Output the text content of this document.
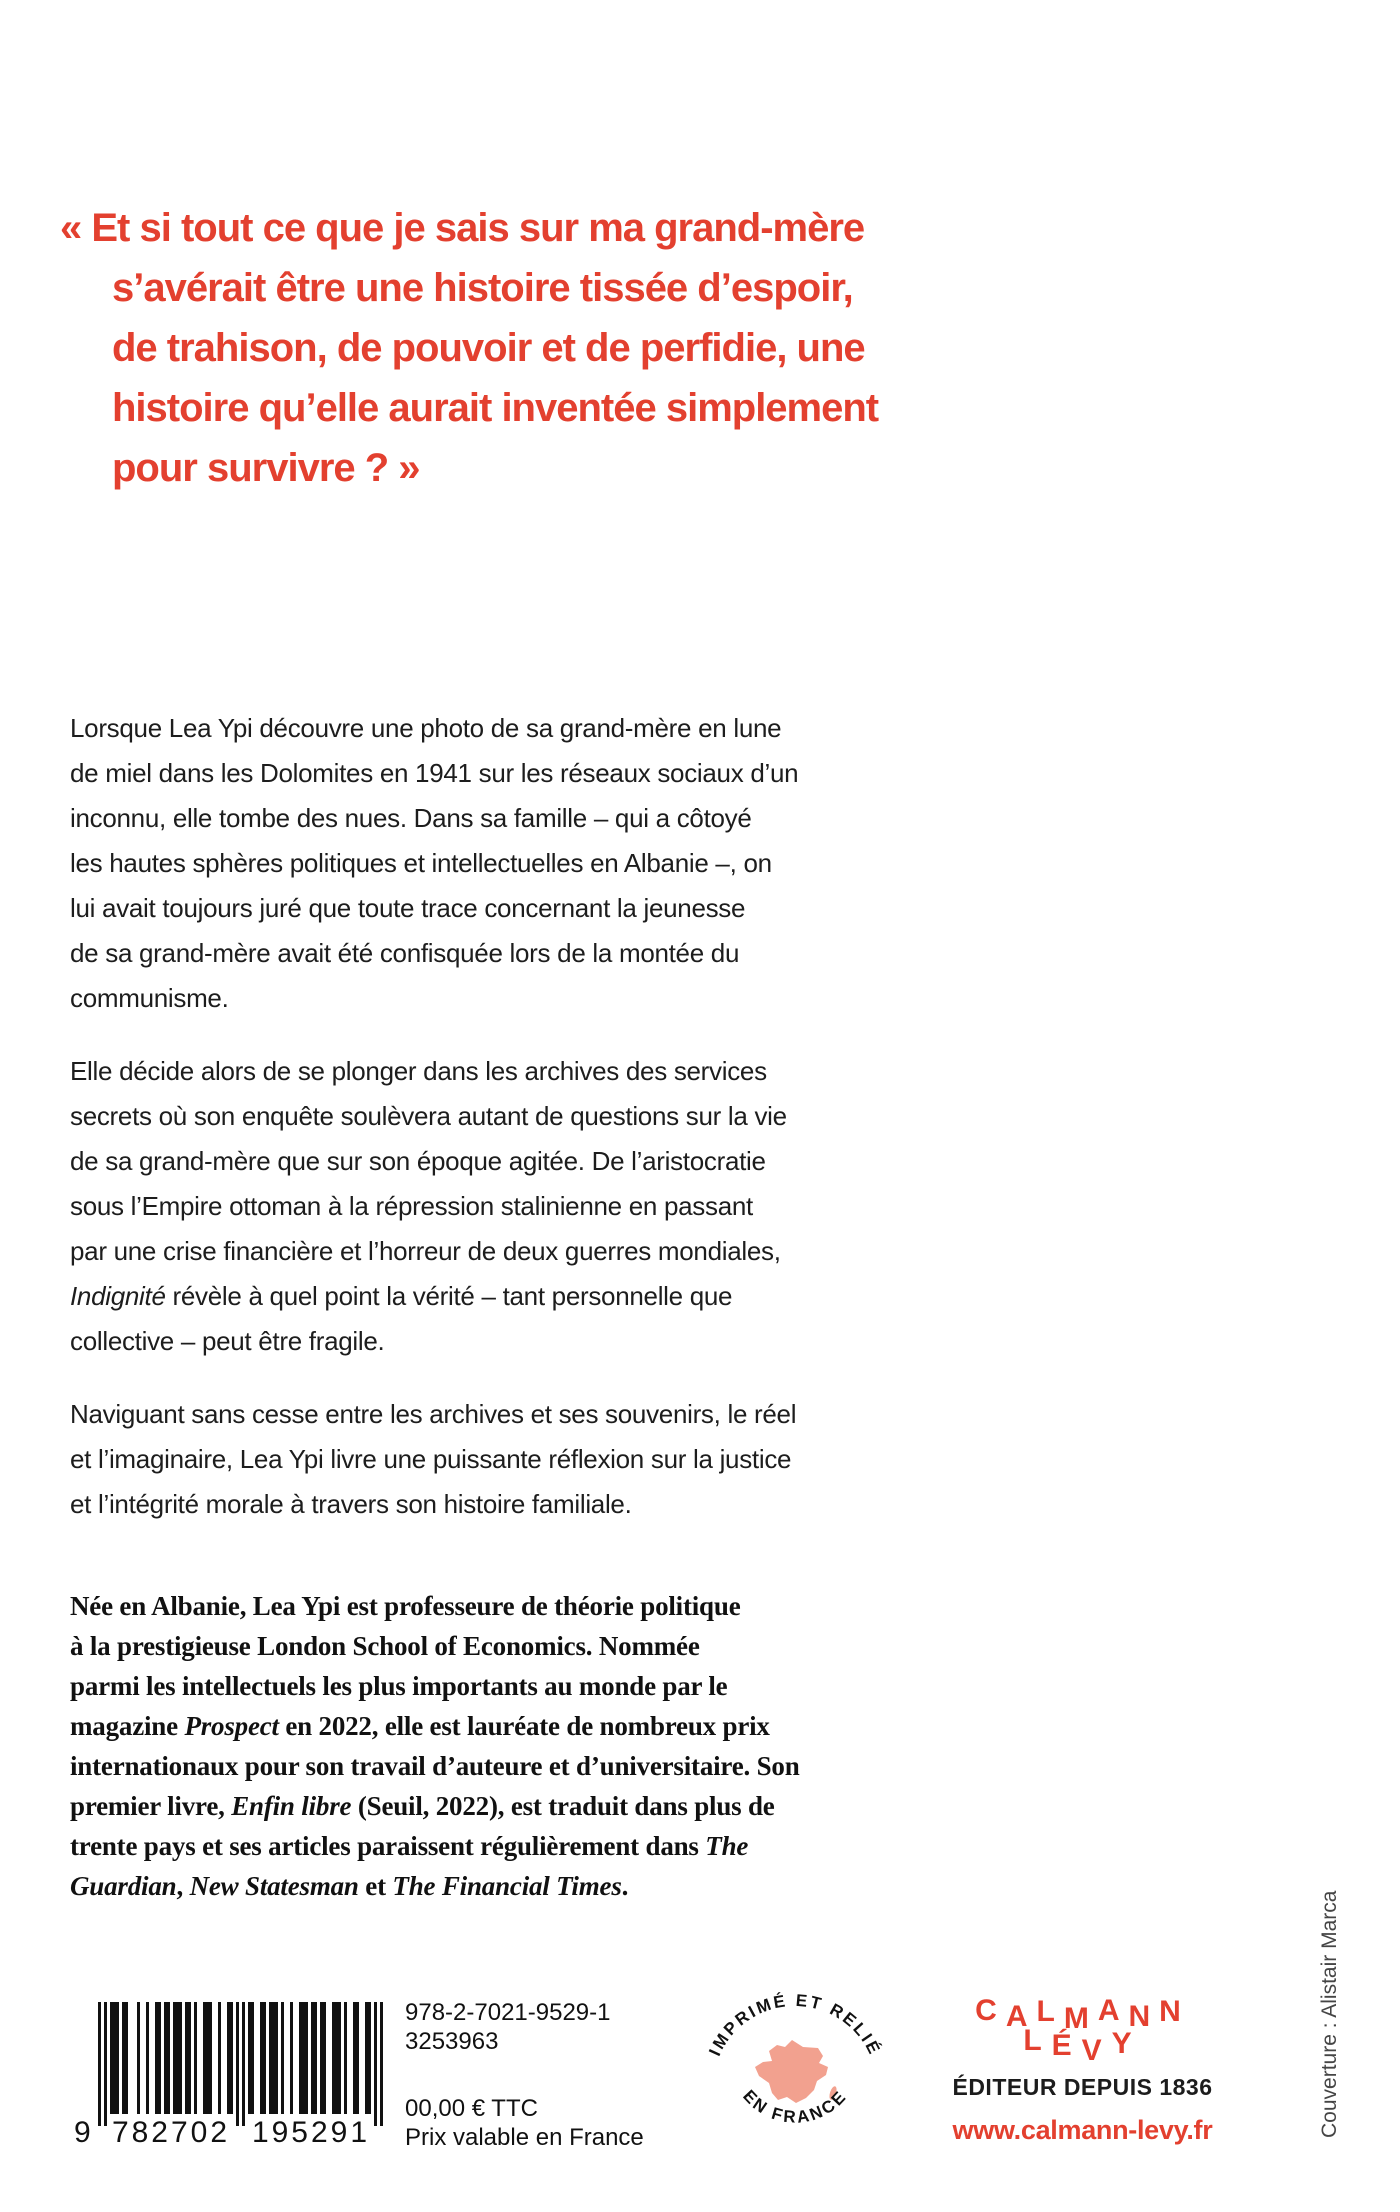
« Et si tout ce que je sais sur ma grand-mère
s’avérait être une histoire tissée d’espoir,
de trahison, de pouvoir et de perfidie, une
histoire qu’elle aurait inventée simplement
pour survivre ? »

Lorsque Lea Ypi découvre une photo de sa grand-mère en lune
de miel dans les Dolomites en 1941 sur les réseaux sociaux d’un
inconnu, elle tombe des nues. Dans sa famille – qui a côtoyé
les hautes sphères politiques et intellectuelles en Albanie –, on
lui avait toujours juré que toute trace concernant la jeunesse
de sa grand-mère avait été confisquée lors de la montée du
communisme.

Elle décide alors de se plonger dans les archives des services
secrets où son enquête soulèvera autant de questions sur la vie
de sa grand-mère que sur son époque agitée. De l’aristocratie
sous l’Empire ottoman à la répression stalinienne en passant
par une crise financière et l’horreur de deux guerres mondiales,
Indignité révèle à quel point la vérité – tant personnelle que
collective – peut être fragile.

Naviguant sans cesse entre les archives et ses souvenirs, le réel
et l’imaginaire, Lea Ypi livre une puissante réflexion sur la justice
et l’intégrité morale à travers son histoire familiale.

Née en Albanie, Lea Ypi est professeure de théorie politique
à la prestigieuse London School of Economics. Nommée
parmi les intellectuels les plus importants au monde par le
magazine Prospect en 2022, elle est lauréate de nombreux prix
internationaux pour son travail d’auteure et d’universitaire. Son
premier livre, Enfin libre (Seuil, 2022), est traduit dans plus de
trente pays et ses articles paraissent régulièrement dans The
Guardian, New Statesman et The Financial Times.
9 782702 195291
978-2-7021-9529-1
3253963
00,00 € TTC
Prix valable en France
IMPRIMÉ ET RELIÉ
EN FRANCE
CALMANN
LÉVY
ÉDITEUR DEPUIS 1836
www.calmann-levy.fr	Couverture : Alistair Marca
